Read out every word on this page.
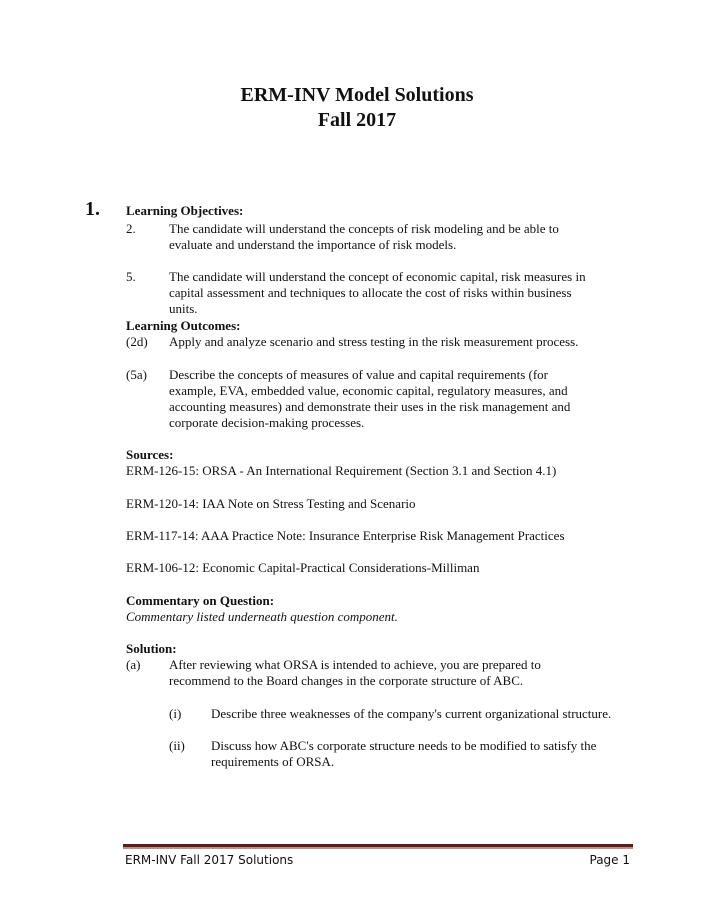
ERM-INV Model Solutions
Fall 2017
1. Learning Objectives:
2.	The candidate will understand the concepts of risk modeling and be able to
evaluate and understand the importance of risk models.
5.	The candidate will understand the concept of economic capital, risk measures in
capital assessment and techniques to allocate the cost of risks within business
units.
Learning Outcomes:
(2d) Apply and analyze scenario and stress testing in the risk measurement process.
(5a) Describe the concepts of measures of value and capital requirements (for
example, EVA, embedded value, economic capital, regulatory measures, and
accounting measures) and demonstrate their uses in the risk management and
corporate decision-making processes.
Sources:
ERM-126-15: ORSA - An International Requirement (Section 3.1 and Section 4.1)
ERM-120-14: IAA Note on Stress Testing and Scenario
ERM-117-14: AAA Practice Note: Insurance Enterprise Risk Management Practices
ERM-106-12: Economic Capital-Practical Considerations-Milliman
Commentary on Question:
Commentary listed underneath question component.
Solution:
(a) After reviewing what ORSA is intended to achieve, you are prepared to
recommend to the Board changes in the corporate structure of ABC.
(i) Describe three weaknesses of the company's current organizational structure.
(ii) Discuss how ABC's corporate structure needs to be modified to satisfy the
requirements of ORSA.
ERM-INV Fall 2017 Solutions	Page 1
